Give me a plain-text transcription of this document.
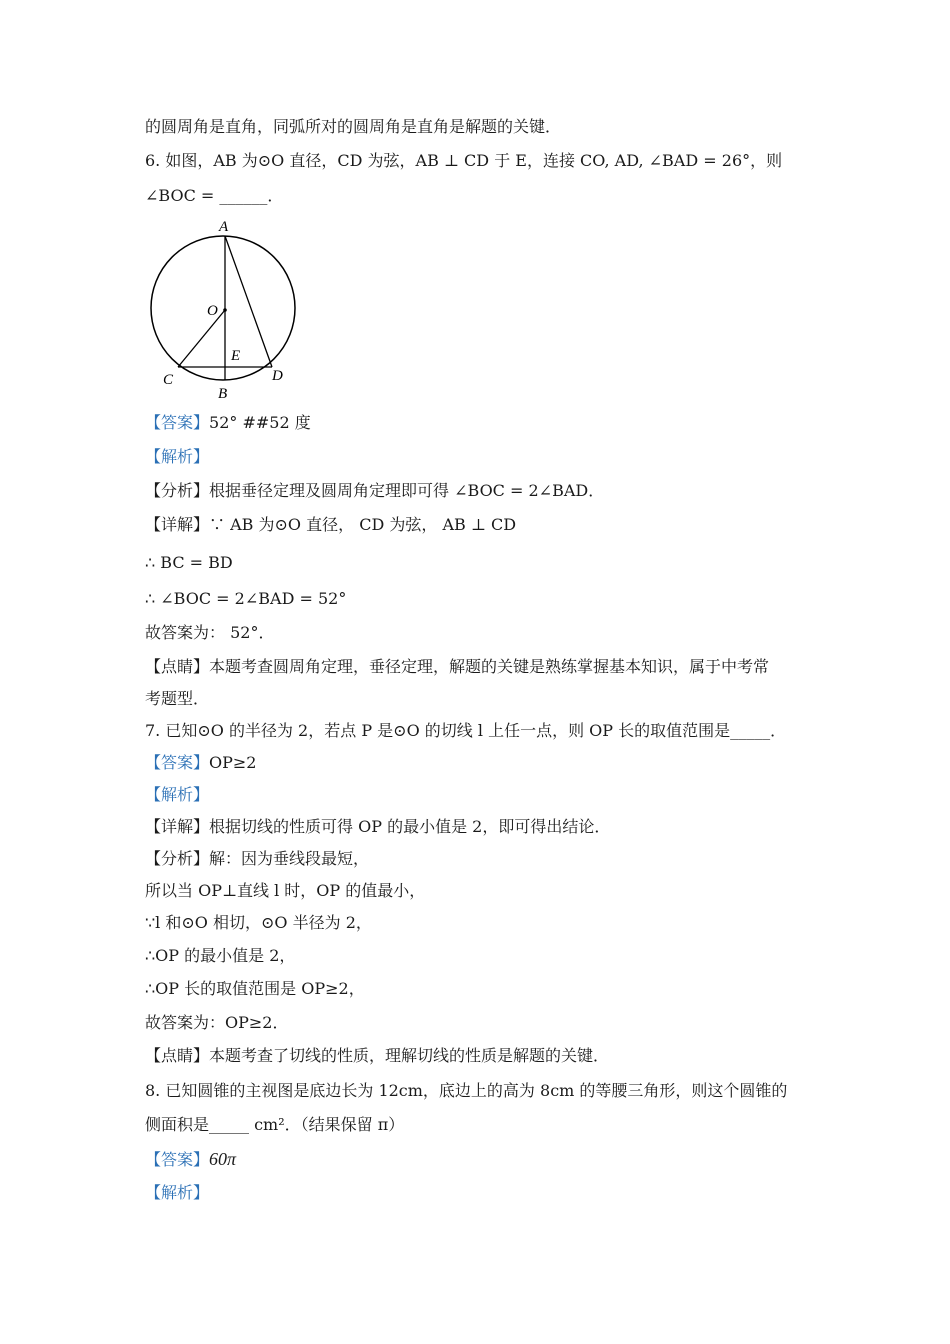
的圆周角是直角，同弧所对的圆周角是直角是解题的关键．
6. 如图，AB 为⊙O 直径，CD 为弦，AB ⊥ CD 于 E，连接 CO, AD, ∠BAD = 26°，则
∠BOC = ______．
A
O
E
C
B
D
【答案】52° ##52 度
【解析】
【分析】根据垂径定理及圆周角定理即可得 ∠BOC = 2∠BAD．
【详解】∵ AB 为⊙O 直径， CD 为弦， AB ⊥ CD
∴ BC = BD
∴ ∠BOC = 2∠BAD = 52°
故答案为： 52°．
【点睛】本题考查圆周角定理，垂径定理，解题的关键是熟练掌握基本知识，属于中考常
考题型．
7. 已知⊙O 的半径为 2，若点 P 是⊙O 的切线 l 上任一点，则 OP 长的取值范围是_____．
【答案】OP≥2
【解析】
【详解】根据切线的性质可得 OP 的最小值是 2，即可得出结论．
【分析】解：因为垂线段最短，
所以当 OP⊥直线 l 时，OP 的值最小，
∵l 和⊙O 相切，⊙O 半径为 2，
∴OP 的最小值是 2，
∴OP 长的取值范围是 OP≥2，
故答案为：OP≥2．
【点睛】本题考查了切线的性质，理解切线的性质是解题的关键．
8. 已知圆锥的主视图是底边长为 12cm，底边上的高为 8cm 的等腰三角形，则这个圆锥的
侧面积是_____ cm²．（结果保留 π）
【答案】60π
【解析】
